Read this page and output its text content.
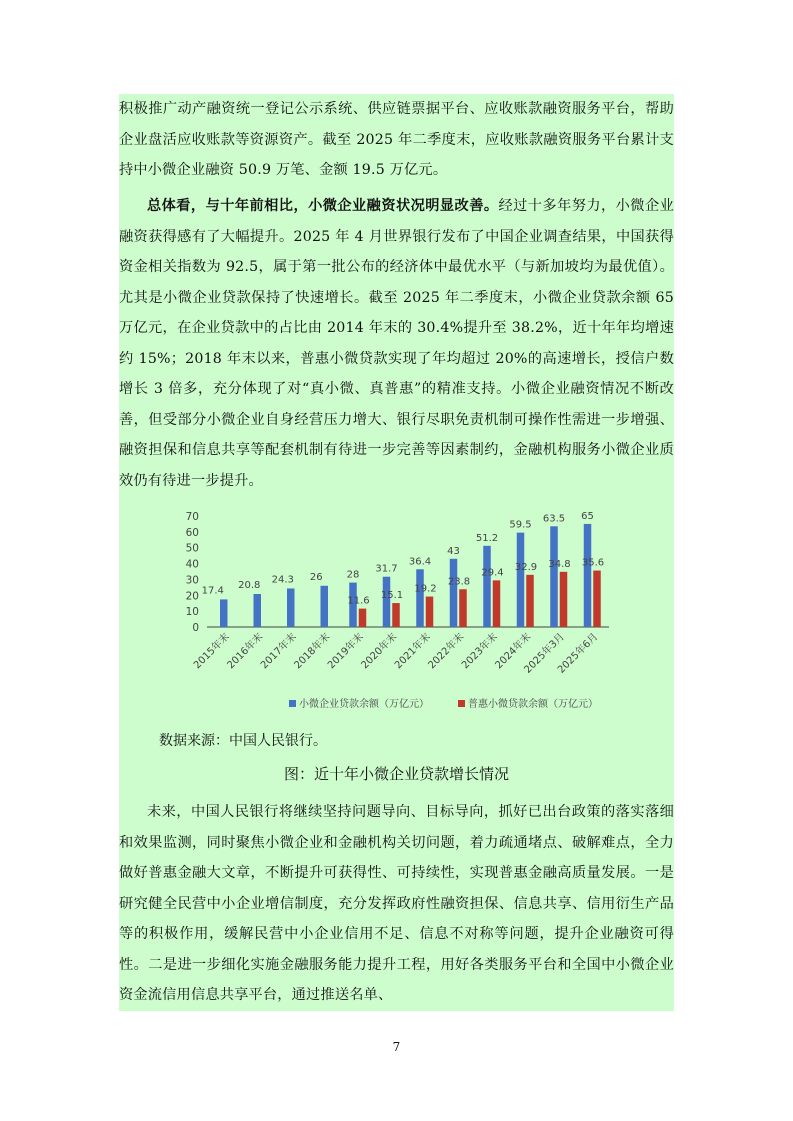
积极推广动产融资统一登记公示系统、供应链票据平台、应收账款融资服务平台，帮助企业盘活应收账款等资源资产。截至 2025 年二季度末，应收账款融资服务平台累计支持中小微企业融资 50.9 万笔、金额 19.5 万亿元。

总体看，与十年前相比，小微企业融资状况明显改善。经过十多年努力，小微企业融资获得感有了大幅提升。2025 年 4 月世界银行发布了中国企业调查结果，中国获得资金相关指数为 92.5，属于第一批公布的经济体中最优水平（与新加坡均为最优值）。尤其是小微企业贷款保持了快速增长。截至 2025 年二季度末，小微企业贷款余额 65 万亿元，在企业贷款中的占比由 2014 年末的 30.4%提升至 38.2%，近十年年均增速约 15%；2018 年末以来，普惠小微贷款实现了年均超过 20%的高速增长，授信户数增长 3 倍多，充分体现了对“真小微、真普惠”的精准支持。小微企业融资情况不断改善，但受部分小微企业自身经营压力增大、银行尽职免责机制可操作性需进一步增强、融资担保和信息共享等配套机制有待进一步完善等因素制约，金融机构服务小微企业质效仍有待进一步提升。

0
10
20
30
40
50
60
70
17.4
2015年末
20.8
2016年末
24.3
2017年末
26
2018年末
28
11.6
2019年末
31.7
15.1
2020年末
36.4
19.2
2021年末
43
23.8
2022年末
51.2
29.4
2023年末
59.5
32.9
2024年末
63.5
34.8
2025年3月
65
35.6
2025年6月
小微企业贷款余额（万亿元）	普惠小微贷款余额（万亿元）
数据来源：中国人民银行。
图：近十年小微企业贷款增长情况

未来，中国人民银行将继续坚持问题导向、目标导向，抓好已出台政策的落实落细和效果监测，同时聚焦小微企业和金融机构关切问题，着力疏通堵点、破解难点，全力做好普惠金融大文章，不断提升可获得性、可持续性，实现普惠金融高质量发展。一是研究健全民营中小企业增信制度，充分发挥政府性融资担保、信息共享、信用衍生产品等的积极作用，缓解民营中小企业信用不足、信息不对称等问题，提升企业融资可得性。二是进一步细化实施金融服务能力提升工程，用好各类服务平台和全国中小微企业资金流信用信息共享平台，通过推送名单、

7
